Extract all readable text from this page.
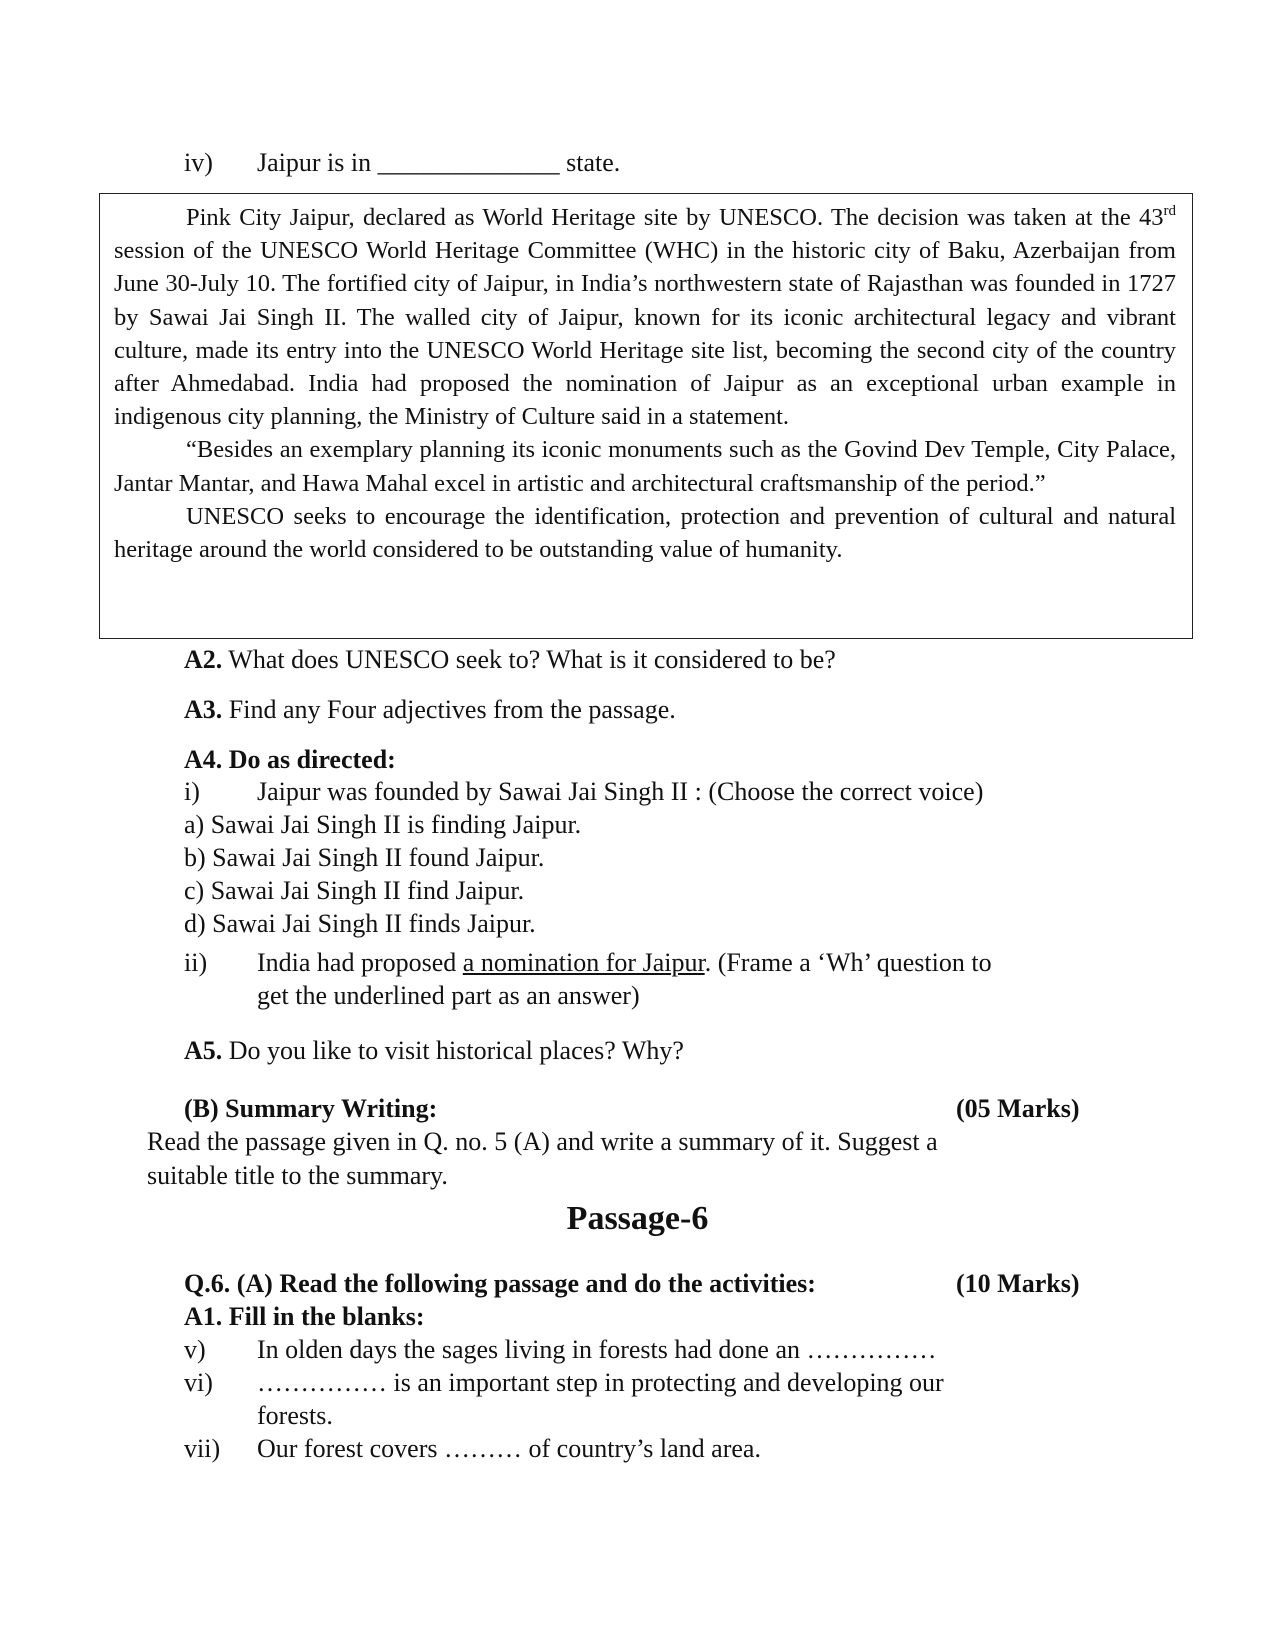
iv) Jaipur is in ______________ state.

Pink City Jaipur, declared as World Heritage site by UNESCO. The decision was taken at the 43rd session of the UNESCO World Heritage Committee (WHC) in the historic city of Baku, Azerbaijan from June 30-July 10. The fortified city of Jaipur, in India’s northwestern state of Rajasthan was founded in 1727 by Sawai Jai Singh II. The walled city of Jaipur, known for its iconic architectural legacy and vibrant culture, made its entry into the UNESCO World Heritage site list, becoming the second city of the country after Ahmedabad. India had proposed the nomination of Jaipur as an exceptional urban example in indigenous city planning, the Ministry of Culture said in a statement.

“Besides an exemplary planning its iconic monuments such as the Govind Dev Temple, City Palace, Jantar Mantar, and Hawa Mahal excel in artistic and architectural craftsmanship of the period.”

UNESCO seeks to encourage the identification, protection and prevention of cultural and natural heritage around the world considered to be outstanding value of humanity.

A2. What does UNESCO seek to? What is it considered to be?
A3. Find any Four adjectives from the passage.
A4. Do as directed:
i) Jaipur was founded by Sawai Jai Singh II : (Choose the correct voice)
a) Sawai Jai Singh II is finding Jaipur.
b) Sawai Jai Singh II found Jaipur.
c) Sawai Jai Singh II find Jaipur.
d) Sawai Jai Singh II finds Jaipur.
ii) India had proposed a nomination for Jaipur. (Frame a ‘Wh’ question to
get the underlined part as an answer)
A5. Do you like to visit historical places? Why?
(B) Summary Writing:	(05 Marks)
Read the passage given in Q. no. 5 (A) and write a summary of it. Suggest a
suitable title to the summary.
Passage-6
Q.6. (A) Read the following passage and do the activities:	(10 Marks)
A1. Fill in the blanks:
v) In olden days the sages living in forests had done an ……………
vi) …………… is an important step in protecting and developing our
forests.
vii) Our forest covers ……… of country’s land area.
